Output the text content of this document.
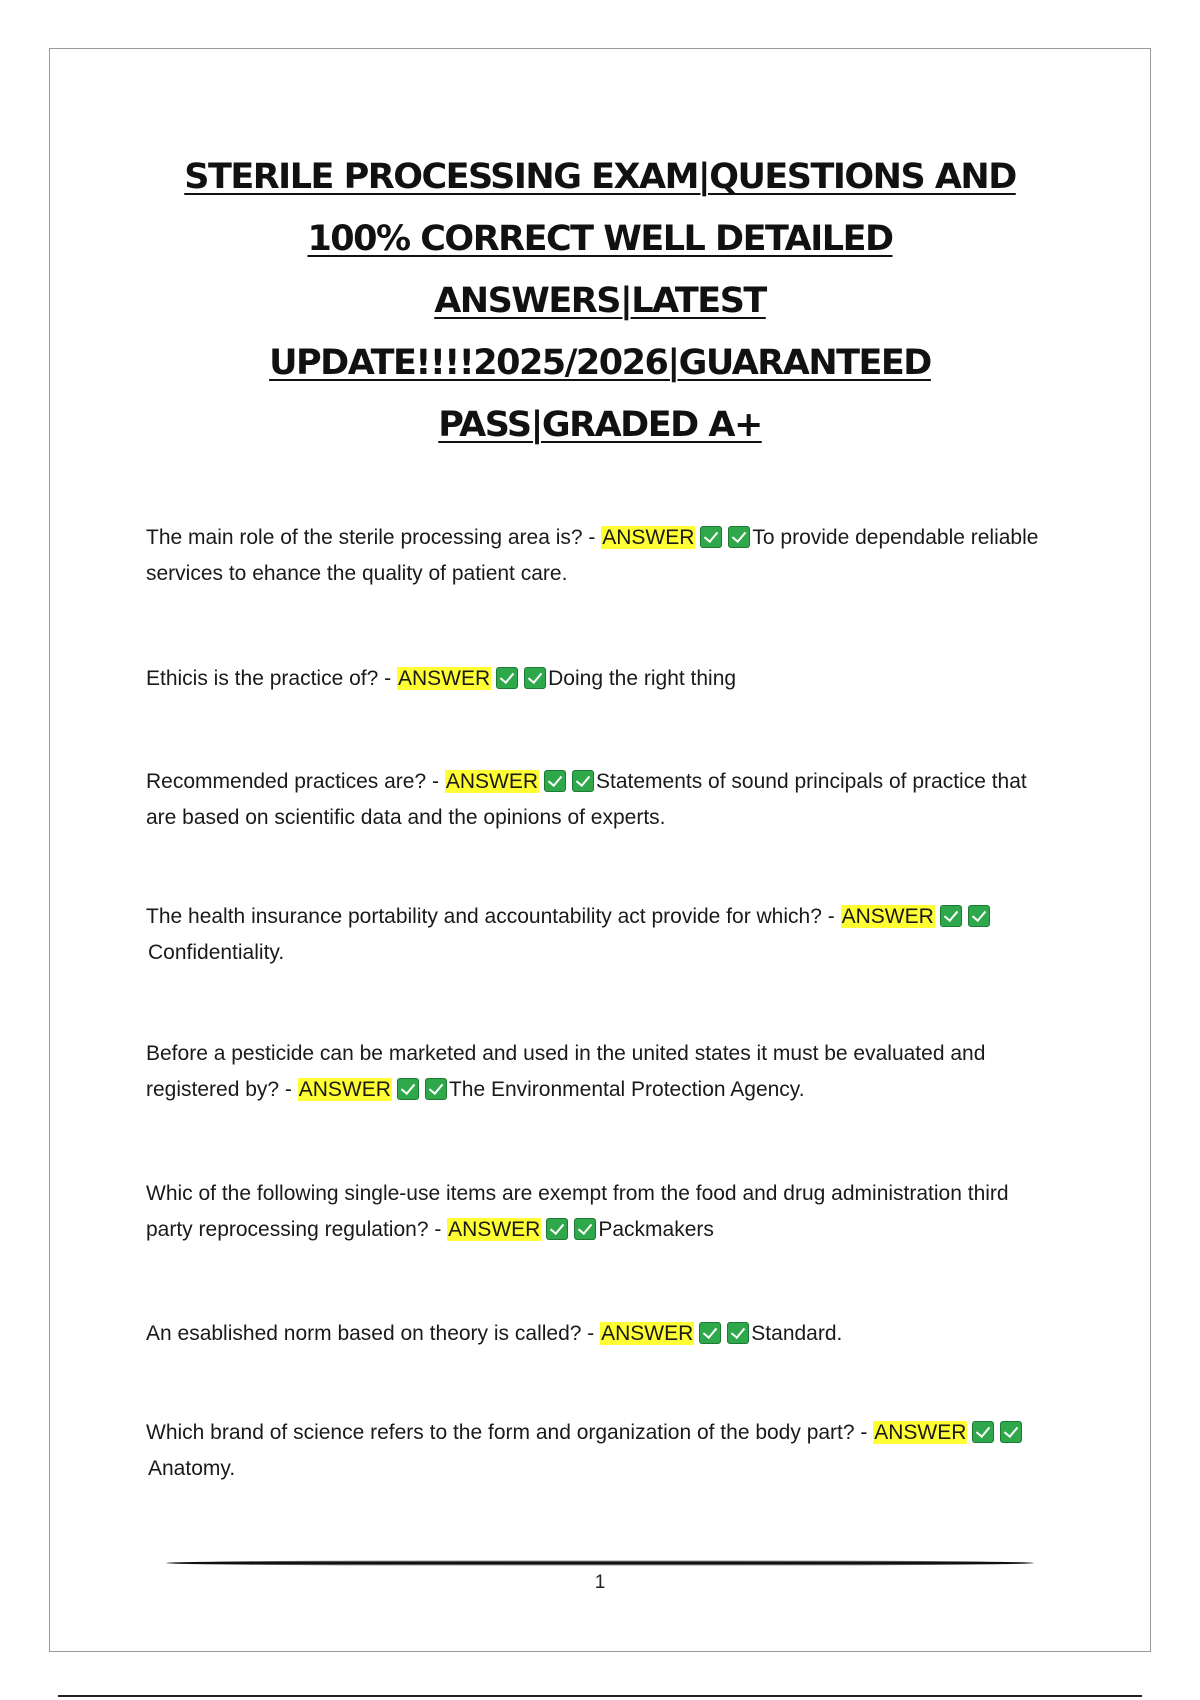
STERILE PROCESSING EXAM|QUESTIONS AND
100% CORRECT WELL DETAILED
ANSWERS|LATEST
UPDATE!!!!2025/2026|GUARANTEED
PASS|GRADED A+

The main role of the sterile processing area is? - ANSWER	To provide dependable reliable services to ehance the quality of patient care.

Ethicis is the practice of? - ANSWER	Doing the right thing

Recommended practices are? - ANSWER	Statements of sound principals of practice that are based on scientific data and the opinions of experts.

The health insurance portability and accountability act provide for which? - ANSWERConfidentiality.

Before a pesticide can be marketed and used in the united states it must be evaluated and registered by? - ANSWER	The Environmental Protection Agency.

Whic of the following single-use items are exempt from the food and drug administration third party reprocessing regulation? - ANSWER	Packmakers

An esablished norm based on theory is called? - ANSWER	Standard.

Which brand of science refers to the form and organization of the body part? - ANSWERAnatomy.

1
